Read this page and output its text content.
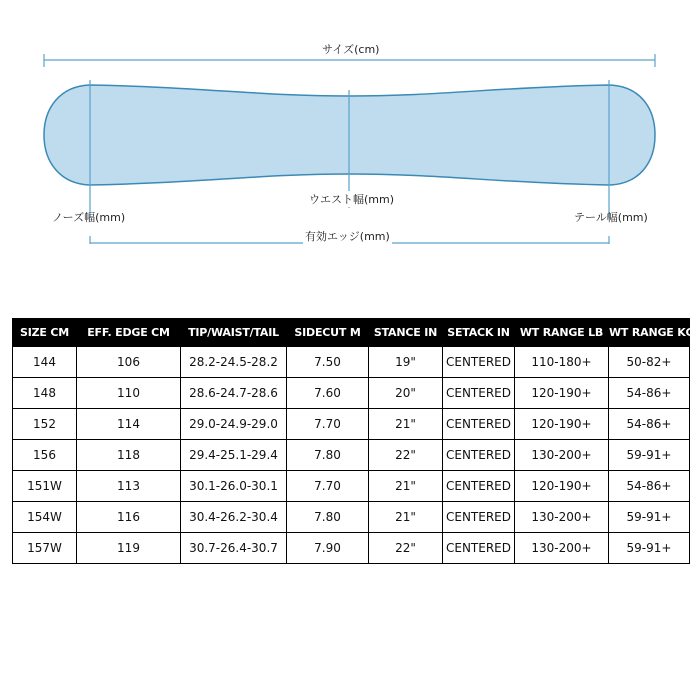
サイズ(cm)
ウエスト幅(mm)
ノーズ幅(mm)	テール幅(mm)
有効エッジ(mm)
SIZE CM	EFF. EDGE CM	TIP/WAIST/TAIL	SIDECUT M	STANCE IN	SETACK IN	WT RANGE LB	WT RANGE KG
144	106	28.2-24.5-28.2	7.50	19"	CENTERED	110-180+	50-82+
148	110	28.6-24.7-28.6	7.60	20"	CENTERED	120-190+	54-86+
152	114	29.0-24.9-29.0	7.70	21"	CENTERED	120-190+	54-86+
156	118	29.4-25.1-29.4	7.80	22"	CENTERED	130-200+	59-91+
151W	113	30.1-26.0-30.1	7.70	21"	CENTERED	120-190+	54-86+
154W	116	30.4-26.2-30.4	7.80	21"	CENTERED	130-200+	59-91+
157W	119	30.7-26.4-30.7	7.90	22"	CENTERED	130-200+	59-91+
